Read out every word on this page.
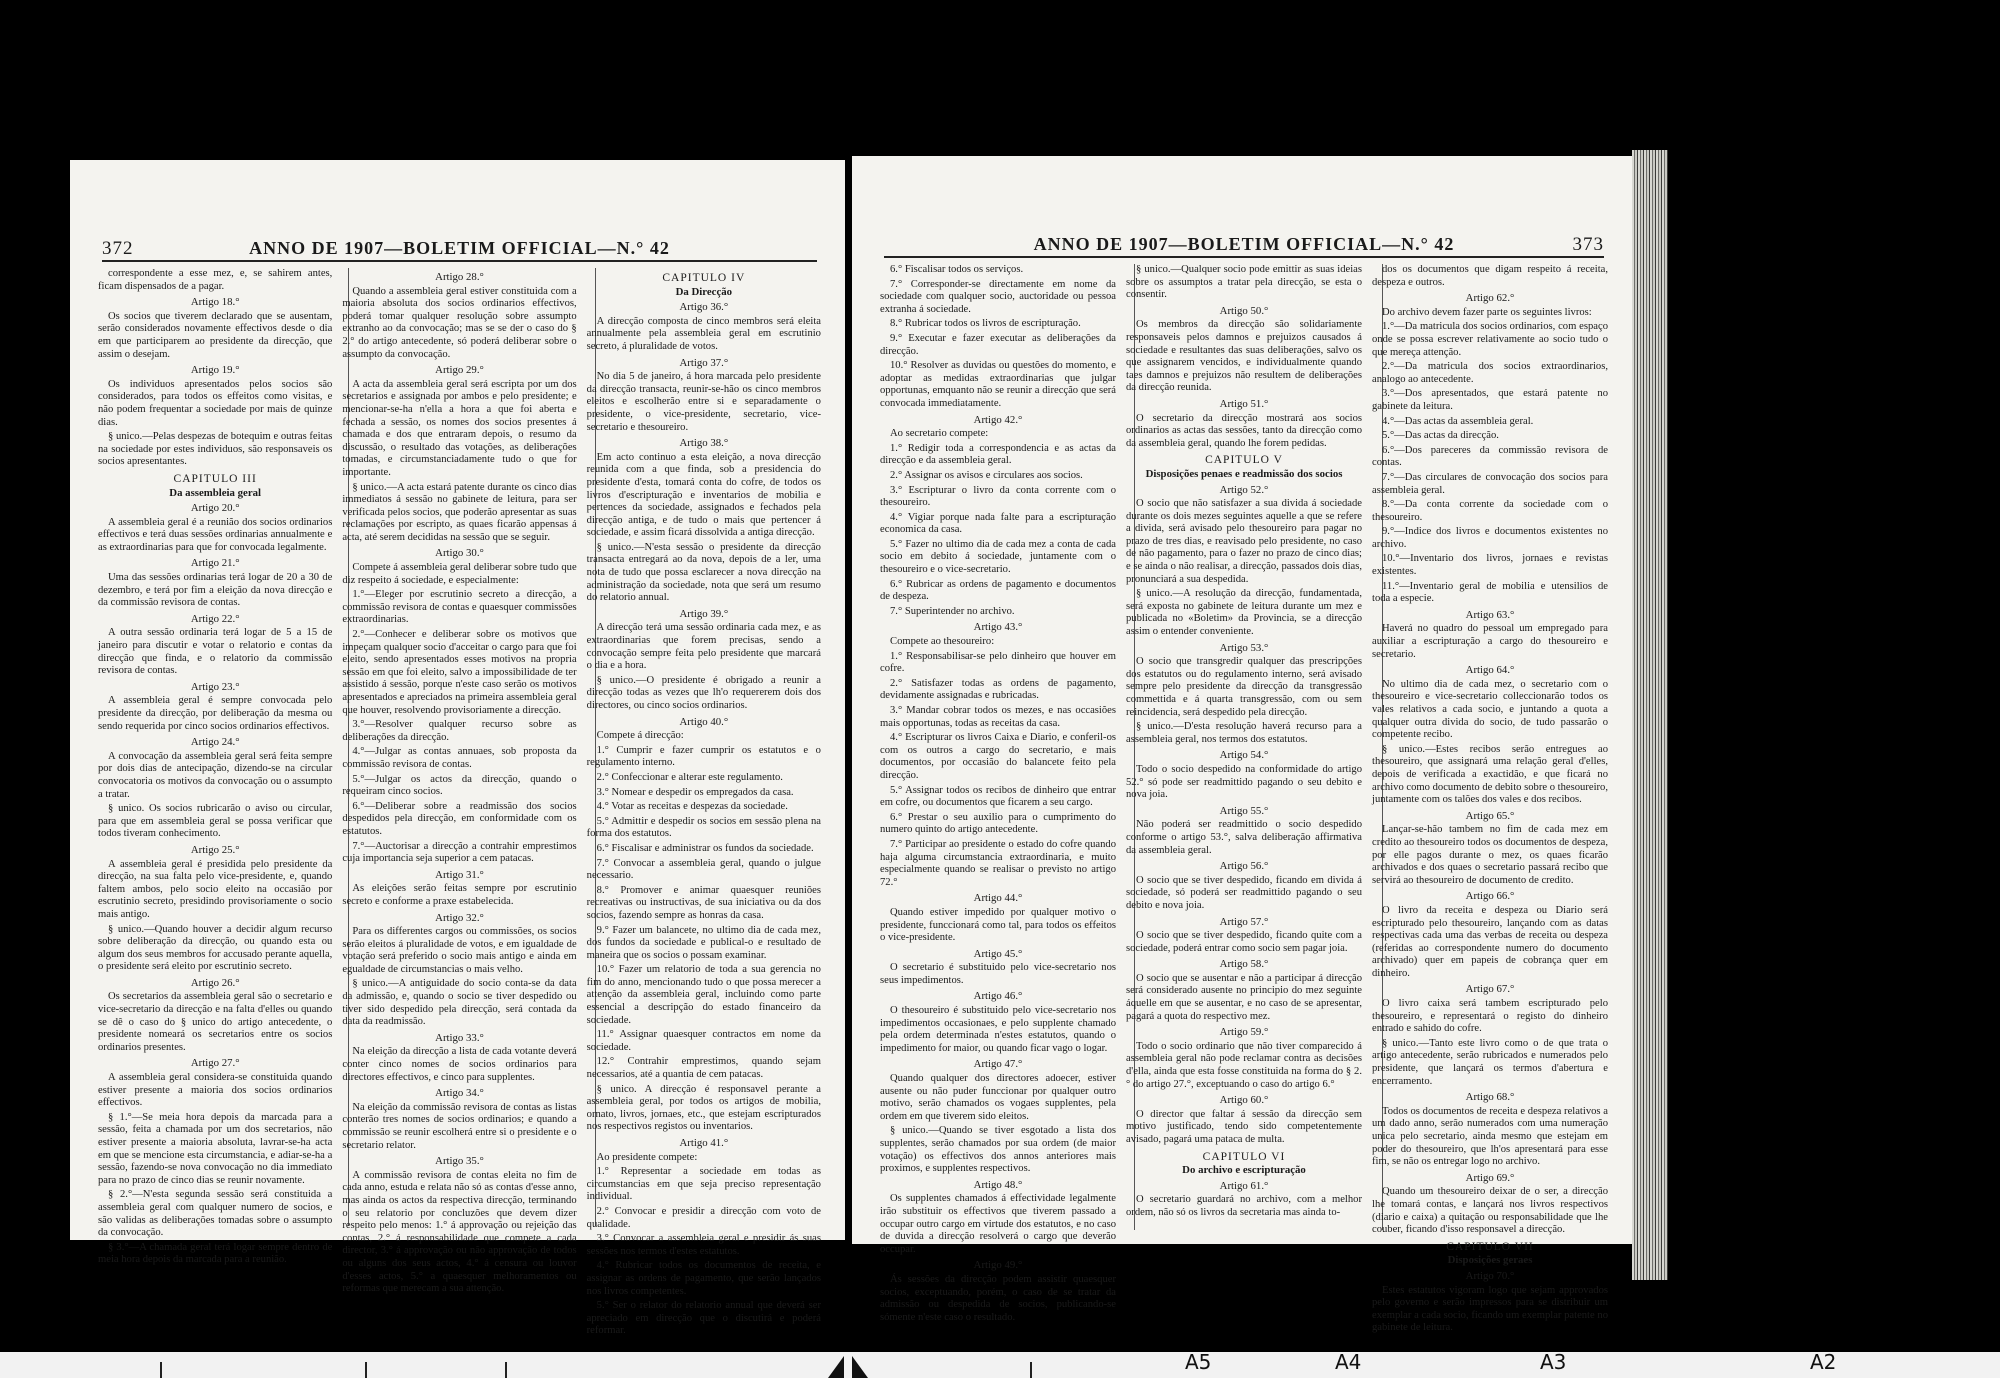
372	ANNO DE 1907—BOLETIM OFFICIAL—N.° 42

correspondente a esse mez, e, se sahirem antes, ficam dispensados de a pagar.

Artigo 18.°

Os socios que tiverem declarado que se ausentam, serão considerados novamente effectivos desde o dia em que participarem ao presidente da direcção, que assim o desejam.

Artigo 19.°

Os individuos apresentados pelos socios são considerados, para todos os effeitos como visitas, e não podem frequentar a sociedade por mais de quinze dias.

§ unico.—Pelas despezas de botequim e outras feitas na sociedade por estes individuos, são responsaveis os socios apresentantes.

CAPITULO III

Da assembleia geral

Artigo 20.°

A assembleia geral é a reunião dos socios ordinarios effectivos e terá duas sessões ordinarias annualmente e as extraordinarias para que for convocada legalmente.

Artigo 21.°

Uma das sessões ordinarias terá logar de 20 a 30 de dezembro, e terá por fim a eleição da nova direcção e da commissão revisora de contas.

Artigo 22.°

A outra sessão ordinaria terá logar de 5 a 15 de janeiro para discutir e votar o relatorio e contas da direcção que finda, e o relatorio da commissão revisora de contas.

Artigo 23.°

A assembleia geral é sempre convocada pelo presidente da direcção, por deliberação da mesma ou sendo requerida por cinco socios ordinarios effectivos.

Artigo 24.°

A convocação da assembleia geral será feita sempre por dois dias de antecipação, dizendo-se na circular convocatoria os motivos da convocação ou o assumpto a tratar.

§ unico. Os socios rubricarão o aviso ou circular, para que em assembleia geral se possa verificar que todos tiveram conhecimento.

Artigo 25.°

A assembleia geral é presidida pelo presidente da direcção, na sua falta pelo vice-presidente, e, quando faltem ambos, pelo socio eleito na occasião por escrutinio secreto, presidindo provisoriamente o socio mais antigo.

§ unico.—Quando houver a decidir algum recurso sobre deliberação da direcção, ou quando esta ou algum dos seus membros for accusado perante aquella, o presidente será eleito por escrutinio secreto.

Artigo 26.°

Os secretarios da assembleia geral são o secretario e vice-secretario da direcção e na falta d'elles ou quando se dê o caso do § unico do artigo antecedente, o presidente nomeará os secretarios entre os socios ordinarios presentes.

Artigo 27.°

A assembleia geral considera-se constituida quando estiver presente a maioria dos socios ordinarios effectivos.

§ 1.°—Se meia hora depois da marcada para a sessão, feita a chamada por um dos secretarios, não estiver presente a maioria absoluta, lavrar-se-ha acta em que se mencione esta circumstancia, e adiar-se-ha a sessão, fazendo-se nova convocação no dia immediato para no prazo de cinco dias se reunir novamente.

§ 2.°—N'esta segunda sessão será constituida a assembleia geral com qualquer numero de socios, e são validas as deliberações tomadas sobre o assumpto da convocação.

§ 3.°—A chamada geral terá logar sempre dentro de meia hora depois da marcada para a reunião.

Artigo 28.°

Quando a assembleia geral estiver constituida com a maioria absoluta dos socios ordinarios effectivos, poderá tomar qualquer resolução sobre assumpto extranho ao da convocação; mas se se der o caso do § 2.° do artigo antecedente, só poderá deliberar sobre o assumpto da convocação.

Artigo 29.°

A acta da assembleia geral será escripta por um dos secretarios e assignada por ambos e pelo presidente; e mencionar-se-ha n'ella a hora a que foi aberta e fechada a sessão, os nomes dos socios presentes á chamada e dos que entraram depois, o resumo da discussão, o resultado das votações, as deliberações tomadas, e circumstanciadamente tudo o que for importante.

§ unico.—A acta estará patente durante os cinco dias immediatos á sessão no gabinete de leitura, para ser verificada pelos socios, que poderão apresentar as suas reclamações por escripto, as quaes ficarão appensas á acta, até serem decididas na sessão que se seguir.

Artigo 30.°

Compete á assembleia geral deliberar sobre tudo que diz respeito á sociedade, e especialmente:

1.°—Eleger por escrutinio secreto a direcção, a commissão revisora de contas e quaesquer commissões extraordinarias.

2.°—Conhecer e deliberar sobre os motivos que impeçam qualquer socio d'acceitar o cargo para que foi eleito, sendo apresentados esses motivos na propria sessão em que foi eleito, salvo a impossibilidade de ter assistido á sessão, porque n'este caso serão os motivos apresentados e apreciados na primeira assembleia geral que houver, resolvendo provisoriamente a direcção.

3.°—Resolver qualquer recurso sobre as deliberações da direcção.

4.°—Julgar as contas annuaes, sob proposta da commissão revisora de contas.

5.°—Julgar os actos da direcção, quando o requeiram cinco socios.

6.°—Deliberar sobre a readmissão dos socios despedidos pela direcção, em conformidade com os estatutos.

7.°—Auctorisar a direcção a contrahir emprestimos cuja importancia seja superior a cem patacas.

Artigo 31.°

As eleições serão feitas sempre por escrutinio secreto e conforme a praxe estabelecida.

Artigo 32.°

Para os differentes cargos ou commissões, os socios serão eleitos á pluralidade de votos, e em igualdade de votação será preferido o socio mais antigo e ainda em egualdade de circumstancias o mais velho.

§ unico.—A antiguidade do socio conta-se da data da admissão, e, quando o socio se tiver despedido ou tiver sido despedido pela direcção, será contada da data da readmissão.

Artigo 33.°

Na eleição da direcção a lista de cada votante deverá conter cinco nomes de socios ordinarios para directores effectivos, e cinco para supplentes.

Artigo 34.°

Na eleição da commissão revisora de contas as listas conterão tres nomes de socios ordinarios; e quando a commissão se reunir escolherá entre si o presidente e o secretario relator.

Artigo 35.°

A commissão revisora de contas eleita no fim de cada anno, estuda e relata não só as contas d'esse anno, mas ainda os actos da respectiva direcção, terminando o seu relatorio por concluzões que devem dizer respeito pelo menos: 1.° á approvação ou rejeição das contas, 2.° á responsabilidade que compete a cada director, 3.° á approvação ou não approvação de todos ou alguns dos seus actos, 4.° á censura ou louvor d'esses actos, 5.° a quaesquer melhoramentos ou reformas que merecam a sua attenção.

CAPITULO IV

Da Direcção

Artigo 36.°

A direcção composta de cinco membros será eleita annualmente pela assembleia geral em escrutinio secreto, á pluralidade de votos.

Artigo 37.°

No dia 5 de janeiro, á hora marcada pelo presidente da direcção transacta, reunir-se-hão os cinco membros eleitos e escolherão entre si e separadamente o presidente, o vice-presidente, secretario, vice-secretario e thesoureiro.

Artigo 38.°

Em acto continuo a esta eleição, a nova direcção reunida com a que finda, sob a presidencia do presidente d'esta, tomará conta do cofre, de todos os livros d'escripturação e inventarios de mobilia e pertences da sociedade, assignados e fechados pela direcção antiga, e de tudo o mais que pertencer á sociedade, e assim ficará dissolvida a antiga direcção.

§ unico.—N'esta sessão o presidente da direcção transacta entregará ao da nova, depois de a ler, uma nota de tudo que possa esclarecer a nova direcção na administração da sociedade, nota que será um resumo do relatorio annual.

Artigo 39.°

A direcção terá uma sessão ordinaria cada mez, e as extraordinarias que forem precisas, sendo a convocação sempre feita pelo presidente que marcará o dia e a hora.

§ unico.—O presidente é obrigado a reunir a direcção todas as vezes que lh'o requererem dois dos directores, ou cinco socios ordinarios.

Artigo 40.°

Compete á direcção:

1.° Cumprir e fazer cumprir os estatutos e o regulamento interno.

2.° Confeccionar e alterar este regulamento.

3.° Nomear e despedir os empregados da casa.

4.° Votar as receitas e despezas da sociedade.

5.° Admittir e despedir os socios em sessão plena na forma dos estatutos.

6.° Fiscalisar e administrar os fundos da sociedade.

7.° Convocar a assembleia geral, quando o julgue necessario.

8.° Promover e animar quaesquer reuniões recreativas ou instructivas, de sua iniciativa ou da dos socios, fazendo sempre as honras da casa.

9.° Fazer um balancete, no ultimo dia de cada mez, dos fundos da sociedade e publical-o e resultado de maneira que os socios o possam examinar.

10.° Fazer um relatorio de toda a sua gerencia no fim do anno, mencionando tudo o que possa merecer a attenção da assembleia geral, incluindo como parte essencial a descripção do estado financeiro da sociedade.

11.° Assignar quaesquer contractos em nome da sociedade.

12.° Contrahir emprestimos, quando sejam necessarios, até a quantia de cem patacas.

§ unico. A direcção é responsavel perante a assembleia geral, por todos os artigos de mobilia, ornato, livros, jornaes, etc., que estejam escripturados nos respectivos registos ou inventarios.

Artigo 41.°

Ao presidente compete:

1.° Representar a sociedade em todas as circumstancias em que seja preciso representação individual.

2.° Convocar e presidir a direcção com voto de qualidade.

3.° Convocar a assembleia geral e presidir ás suas sessões nos termos d'estes estatutos.

4.° Rubricar todos os documentos de receita, e assignar as ordens de pagamento, que serão lançados nos livros competentes.

5.° Ser o relator do relatorio annual que deverá ser apreciado em direcção que o discutirá e poderá reformar.

ANNO DE 1907—BOLETIM OFFICIAL—N.° 42	373

6.° Fiscalisar todos os serviços.

7.° Corresponder-se directamente em nome da sociedade com qualquer socio, auctoridade ou pessoa extranha á sociedade.

8.° Rubricar todos os livros de escripturação.

9.° Executar e fazer executar as deliberações da direcção.

10.° Resolver as duvidas ou questões do momento, e adoptar as medidas extraordinarias que julgar opportunas, emquanto não se reunir a direcção que será convocada immediatamente.

Artigo 42.°

Ao secretario compete:

1.° Redigir toda a correspondencia e as actas da direcção e da assembleia geral.

2.° Assignar os avisos e circulares aos socios.

3.° Escripturar o livro da conta corrente com o thesoureiro.

4.° Vigiar porque nada falte para a escripturação economica da casa.

5.° Fazer no ultimo dia de cada mez a conta de cada socio em debito á sociedade, juntamente com o thesoureiro e o vice-secretario.

6.° Rubricar as ordens de pagamento e documentos de despeza.

7.° Superintender no archivo.

Artigo 43.°

Compete ao thesoureiro:

1.° Responsabilisar-se pelo dinheiro que houver em cofre.

2.° Satisfazer todas as ordens de pagamento, devidamente assignadas e rubricadas.

3.° Mandar cobrar todos os mezes, e nas occasiões mais opportunas, todas as receitas da casa.

4.° Escripturar os livros Caixa e Diario, e conferil-os com os outros a cargo do secretario, e mais documentos, por occasião do balancete feito pela direcção.

5.° Assignar todos os recibos de dinheiro que entrar em cofre, ou documentos que ficarem a seu cargo.

6.° Prestar o seu auxilio para o cumprimento do numero quinto do artigo antecedente.

7.° Participar ao presidente o estado do cofre quando haja alguma circumstancia extraordinaria, e muito especialmente quando se realisar o previsto no artigo 72.°

Artigo 44.°

Quando estiver impedido por qualquer motivo o presidente, funccionará como tal, para todos os effeitos o vice-presidente.

Artigo 45.°

O secretario é substituido pelo vice-secretario nos seus impedimentos.

Artigo 46.°

O thesoureiro é substituido pelo vice-secretario nos impedimentos occasionaes, e pelo supplente chamado pela ordem determinada n'estes estatutos, quando o impedimento for maior, ou quando ficar vago o logar.

Artigo 47.°

Quando qualquer dos directores adoecer, estiver ausente ou não puder funccionar por qualquer outro motivo, serão chamados os vogaes supplentes, pela ordem em que tiverem sido eleitos.

§ unico.—Quando se tiver esgotado a lista dos supplentes, serão chamados por sua ordem (de maior votação) os effectivos dos annos anteriores mais proximos, e supplentes respectivos.

Artigo 48.°

Os supplentes chamados á effectividade legalmente irão substituir os effectivos que tiverem passado a occupar outro cargo em virtude dos estatutos, e no caso de duvida a direcção resolverá o cargo que deverão occupar.

Artigo 49.°

Ás sessões da direcção podem assistir quaesquer socios, exceptuando, porém, o caso de se tratar da admissão ou despedida de socios, publicando-se sómente n'este caso o resultado.

§ unico.—Qualquer socio pode emittir as suas ideias sobre os assumptos a tratar pela direcção, se esta o consentir.

Artigo 50.°

Os membros da direcção são solidariamente responsaveis pelos damnos e prejuizos causados á sociedade e resultantes das suas deliberações, salvo os que assignarem vencidos, e individualmente quando taes damnos e prejuizos não resultem de deliberações da direcção reunida.

Artigo 51.°

O secretario da direcção mostrará aos socios ordinarios as actas das sessões, tanto da direcção como da assembleia geral, quando lhe forem pedidas.

CAPITULO V

Disposições penaes e readmissão dos socios

Artigo 52.°

O socio que não satisfazer a sua divida á sociedade durante os dois mezes seguintes aquelle a que se refere a divida, será avisado pelo thesoureiro para pagar no prazo de tres dias, e reavisado pelo presidente, no caso de não pagamento, para o fazer no prazo de cinco dias; e se ainda o não realisar, a direcção, passados dois dias, pronunciará a sua despedida.

§ unico.—A resolução da direcção, fundamentada, será exposta no gabinete de leitura durante um mez e publicada no «Boletim» da Provincia, se a direcção assim o entender conveniente.

Artigo 53.°

O socio que transgredir qualquer das prescripções dos estatutos ou do regulamento interno, será avisado sempre pelo presidente da direcção da transgressão commettida e á quarta transgressão, com ou sem reincidencia, será despedido pela direcção.

§ unico.—D'esta resolução haverá recurso para a assembleia geral, nos termos dos estatutos.

Artigo 54.°

Todo o socio despedido na conformidade do artigo 52.° só pode ser readmittido pagando o seu debito e nova joia.

Artigo 55.°

Não poderá ser readmittido o socio despedido conforme o artigo 53.°, salva deliberação affirmativa da assembleia geral.

Artigo 56.°

O socio que se tiver despedido, ficando em divida á sociedade, só poderá ser readmittido pagando o seu debito e nova joia.

Artigo 57.°

O socio que se tiver despedido, ficando quite com a sociedade, poderá entrar como socio sem pagar joia.

Artigo 58.°

O socio que se ausentar e não a participar á direcção será considerado ausente no principio do mez seguinte áquelle em que se ausentar, e no caso de se apresentar, pagará a quota do respectivo mez.

Artigo 59.°

Todo o socio ordinario que não tiver comparecido á assembleia geral não pode reclamar contra as decisões d'ella, ainda que esta fosse constituida na forma do § 2.° do artigo 27.°, exceptuando o caso do artigo 6.°

Artigo 60.°

O director que faltar á sessão da direcção sem motivo justificado, tendo sido competentemente avisado, pagará uma pataca de multa.

CAPITULO VI

Do archivo e escripturação

Artigo 61.°

O secretario guardará no archivo, com a melhor ordem, não só os livros da secretaria mas ainda to-

dos os documentos que digam respeito á receita, despeza e outros.

Artigo 62.°

Do archivo devem fazer parte os seguintes livros:

1.°—Da matricula dos socios ordinarios, com espaço onde se possa escrever relativamente ao socio tudo o que mereça attenção.

2.°—Da matricula dos socios extraordinarios, analogo ao antecedente.

3.°—Dos apresentados, que estará patente no gabinete da leitura.

4.°—Das actas da assembleia geral.

5.°—Das actas da direcção.

6.°—Dos pareceres da commissão revisora de contas.

7.°—Das circulares de convocação dos socios para assembleia geral.

8.°—Da conta corrente da sociedade com o thesoureiro.

9.°—Indice dos livros e documentos existentes no archivo.

10.°—Inventario dos livros, jornaes e revistas existentes.

11.°—Inventario geral de mobilia e utensilios de toda a especie.

Artigo 63.°

Haverá no quadro do pessoal um empregado para auxiliar a escripturação a cargo do thesoureiro e secretario.

Artigo 64.°

No ultimo dia de cada mez, o secretario com o thesoureiro e vice-secretario colleccionarão todos os vales relativos a cada socio, e juntando a quota a qualquer outra divida do socio, de tudo passarão o competente recibo.

§ unico.—Estes recibos serão entregues ao thesoureiro, que assignará uma relação geral d'elles, depois de verificada a exactidão, e que ficará no archivo como documento de debito sobre o thesoureiro, juntamente com os talões dos vales e dos recibos.

Artigo 65.°

Lançar-se-hão tambem no fim de cada mez em credito ao thesoureiro todos os documentos de despeza, por elle pagos durante o mez, os quaes ficarão archivados e dos quaes o secretario passará recibo que servirá ao thesoureiro de documento de credito.

Artigo 66.°

O livro da receita e despeza ou Diario será escripturado pelo thesoureiro, lançando com as datas respectivas cada uma das verbas de receita ou despeza (referidas ao correspondente numero do documento archivado) quer em papeis de cobrança quer em dinheiro.

Artigo 67.°

O livro caixa será tambem escripturado pelo thesoureiro, e representará o registo do dinheiro entrado e sahido do cofre.

§ unico.—Tanto este livro como o de que trata o artigo antecedente, serão rubricados e numerados pelo presidente, que lançará os termos d'abertura e encerramento.

Artigo 68.°

Todos os documentos de receita e despeza relativos a um dado anno, serão numerados com uma numeração unica pelo secretario, ainda mesmo que estejam em poder do thesoureiro, que lh'os apresentará para esse fim, se não os entregar logo no archivo.

Artigo 69.°

Quando um thesoureiro deixar de o ser, a direcção lhe tomará contas, e lançará nos livros respectivos (diario e caixa) a quitação ou responsabilidade que lhe couber, ficando d'isso responsavel a direcção.

CAPITULO VII

Disposições geraes

Artigo 70.°

Estes estatutos vigoram logo que sejam approvados pelo governo e serão impressos para se distribuir um exemplar a cada socio, ficando um exemplar patente no gabinete de leitura.

A5	A4	A3	A2
